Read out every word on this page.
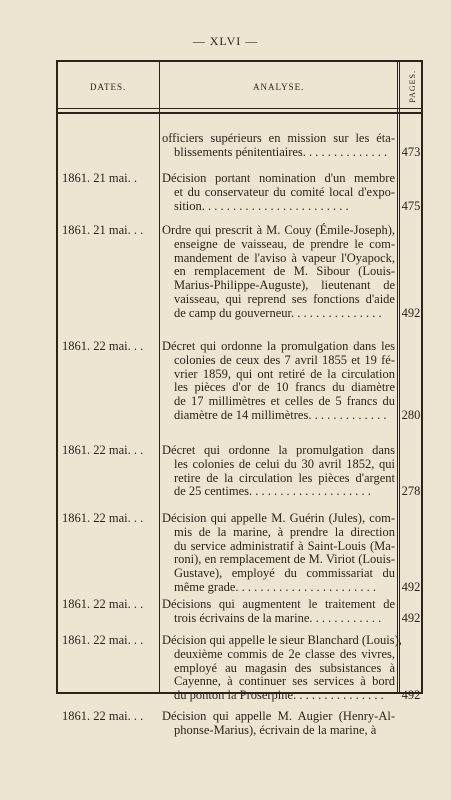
— XLVI —
DATES.	ANALYSE.	PAGES.
officiers supérieurs en mission sur les éta-
blissements pénitentiaires. . . . . . . . . . . . . .	473
1861. 21 mai. .	Décision portant nomination d'un membre
et du conservateur du comité local d'expo-
sition. . . . . . . . . . . . . . . . . . . . . . . .	475
1861. 21 mai. . .	Ordre qui prescrit à M. Couy (Émile-Joseph),
enseigne de vaisseau, de prendre le com-
mandement de l'aviso à vapeur l'Oyapock,
en remplacement de M. Sibour (Louis-
Marius-Philippe-Auguste), lieutenant de
vaisseau, qui reprend ses fonctions d'aide
de camp du gouverneur. . . . . . . . . . . . . . .	492
1861. 22 mai. . .	Décret qui ordonne la promulgation dans les
colonies de ceux des 7 avril 1855 et 19 fé-
vrier 1859, qui ont retiré de la circulation
les pièces d'or de 10 francs du diamètre
de 17 millimètres et celles de 5 francs du
diamètre de 14 millimètres. . . . . . . . . . . . .	280
1861. 22 mai. . .	Décret qui ordonne la promulgation dans
les colonies de celui du 30 avril 1852, qui
retire de la circulation les pièces d'argent
de 25 centimes. . . . . . . . . . . . . . . . . . . .	278
1861. 22 mai. . .	Décision qui appelle M. Guérin (Jules), com-
mis de la marine, à prendre la direction
du service administratif à Saint-Louis (Ma-
roni), en remplacement de M. Viriot (Louis-
Gustave), employé du commissariat du
même grade. . . . . . . . . . . . . . . . . . . . . . .	492
1861. 22 mai. . .	Décisions qui augmentent le traitement de
trois écrivains de la marine. . . . . . . . . . . .	492
1861. 22 mai. . .	Décision qui appelle le sieur Blanchard (Louis),
deuxième commis de 2e classe des vivres,
employé au magasin des subsistances à
Cayenne, à continuer ses services à bord
du ponton la Proserpine. . . . . . . . . . . . . . .	492
1861. 22 mai. . .	Décision qui appelle M. Augier (Henry-Al-
phonse-Marius), écrivain de la marine, à
